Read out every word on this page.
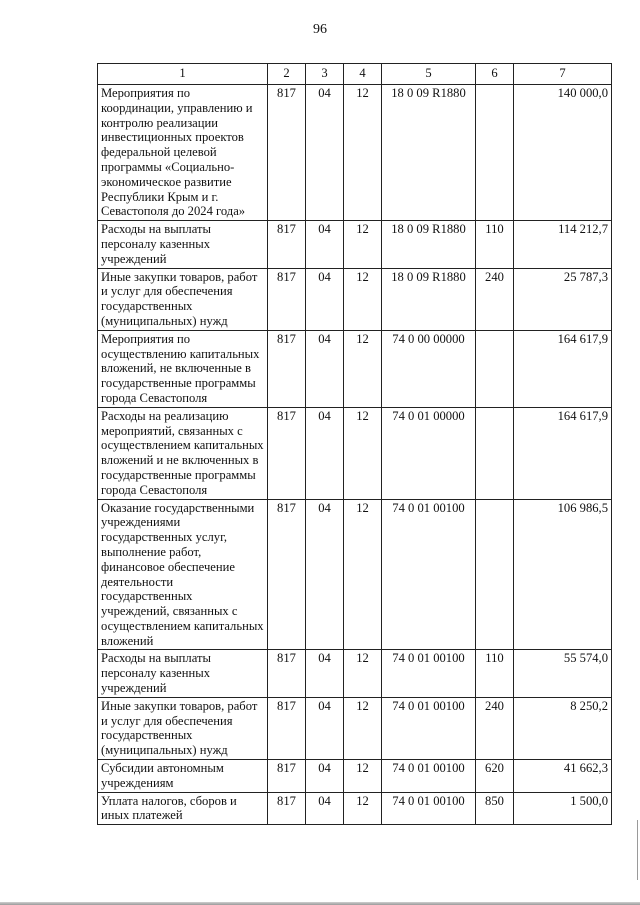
96
1	2	3	4	5	6	7
Мероприятия по координации, управлению и контролю реализации инвестиционных проектов федеральной целевой программы «Социально-экономическое развитие Республики Крым и г. Севастополя до 2024 года»	817	04	12	18 0 09 R1880		140 000,0
Расходы на выплаты персоналу казенных учреждений	817	04	12	18 0 09 R1880	110	114 212,7
Иные закупки товаров, работ и услуг для обеспечения государственных (муниципальных) нужд	817	04	12	18 0 09 R1880	240	25 787,3
Мероприятия по осуществлению капитальных вложений, не включенные в государственные программы города Севастополя	817	04	12	74 0 00 00000		164 617,9
Расходы на реализацию мероприятий, связанных с осуществлением капитальных вложений и не включенных в государственные программы города Севастополя	817	04	12	74 0 01 00000		164 617,9
Оказание государственными учреждениями государственных услуг, выполнение работ, финансовое обеспечение деятельности государственных учреждений, связанных с осуществлением капитальных вложений	817	04	12	74 0 01 00100		106 986,5
Расходы на выплаты персоналу казенных учреждений	817	04	12	74 0 01 00100	110	55 574,0
Иные закупки товаров, работ и услуг для обеспечения государственных (муниципальных) нужд	817	04	12	74 0 01 00100	240	8 250,2
Субсидии автономным учреждениям	817	04	12	74 0 01 00100	620	41 662,3
Уплата налогов, сборов и иных платежей	817	04	12	74 0 01 00100	850	1 500,0
